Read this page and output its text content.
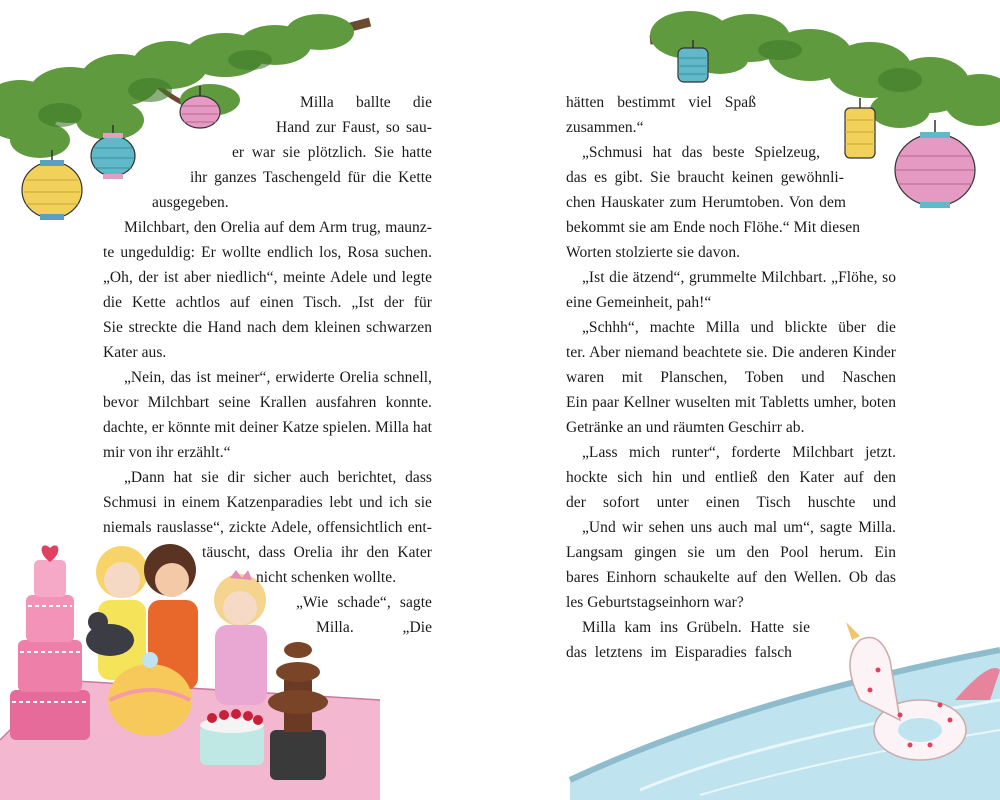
Milla ballte die
Hand zur Faust, so sau-
er war sie plötzlich. Sie hatte
ihr ganzes Taschengeld für die Kette
ausgegeben.
Milchbart, den Orelia auf dem Arm trug, maunz-
te ungeduldig: Er wollte endlich los, Rosa suchen.
„Oh, der ist aber niedlich“, meinte Adele und legte
die Kette achtlos auf einen Tisch. „Ist der für
Sie streckte die Hand nach dem kleinen schwarzen
Kater aus.
„Nein, das ist meiner“, erwiderte Orelia schnell,
bevor Milchbart seine Krallen ausfahren konnte.
dachte, er könnte mit deiner Katze spielen. Milla hat
mir von ihr erzählt.“
„Dann hat sie dir sicher auch berichtet, dass
Schmusi in einem Katzenparadies lebt und ich sie
niemals rauslasse“, zickte Adele, offensichtlich ent-
täuscht, dass Orelia ihr den Kater
nicht schenken wollte.
„Wie schade“, sagte
Milla. „Die
hätten bestimmt viel Spaß
zusammen.“
„Schmusi hat das beste Spielzeug,
das es gibt. Sie braucht keinen gewöhnli-
chen Hauskater zum Herumtoben. Von dem
bekommt sie am Ende noch Flöhe.“ Mit diesen
Worten stolzierte sie davon.
„Ist die ätzend“, grummelte Milchbart. „Flöhe, so
eine Gemeinheit, pah!“
„Schhh“, machte Milla und blickte über die
ter. Aber niemand beachtete sie. Die anderen Kinder
waren mit Planschen, Toben und Naschen
Ein paar Kellner wuselten mit Tabletts umher, boten
Getränke an und räumten Geschirr ab.
„Lass mich runter“, forderte Milchbart jetzt.
hockte sich hin und entließ den Kater auf den
der sofort unter einen Tisch huschte und
„Und wir sehen uns auch mal um“, sagte Milla.
Langsam gingen sie um den Pool herum. Ein
bares Einhorn schaukelte auf den Wellen. Ob das
les Geburtstagseinhorn war?
Milla kam ins Grübeln. Hatte sie
das letztens im Eisparadies falsch
